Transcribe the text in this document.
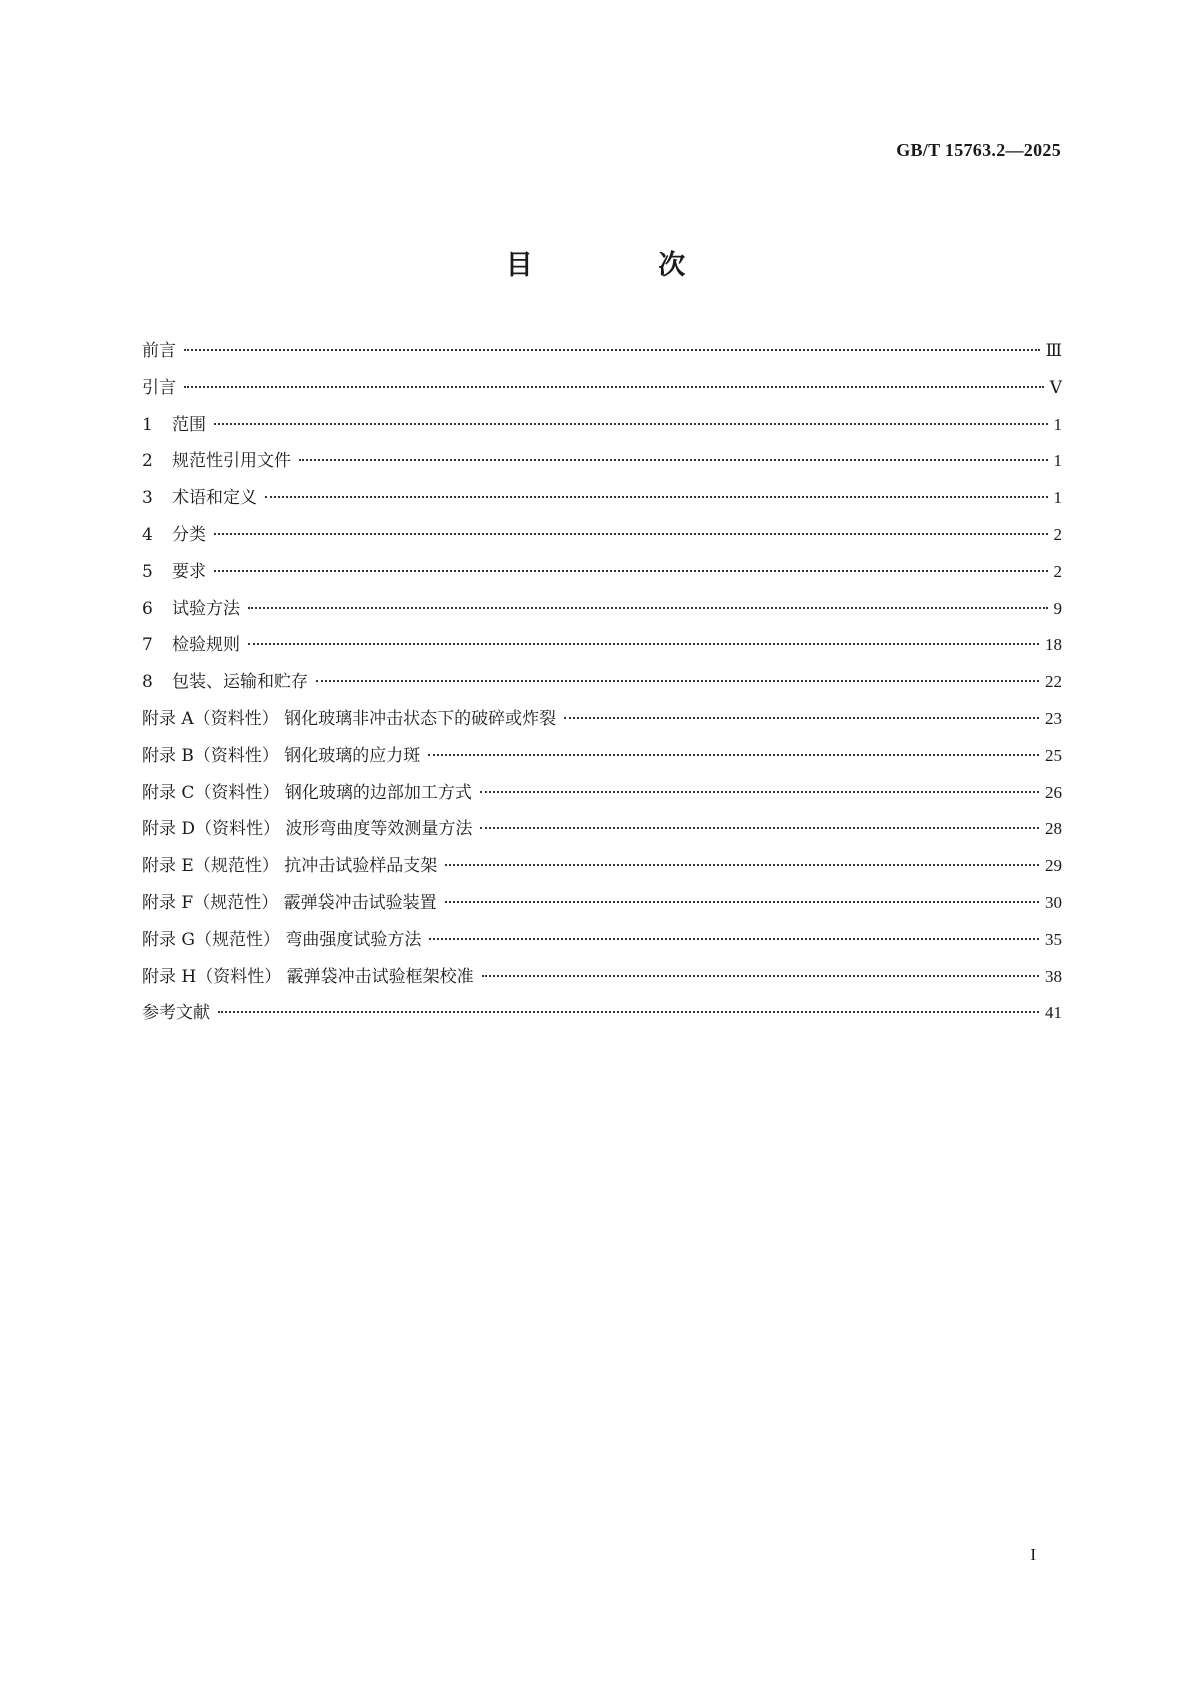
GB/T 15763.2—2025
目 次
前言	Ⅲ
引言	Ⅴ
1	范围	1
2	规范性引用文件	1
3	术语和定义	1
4	分类	2
5	要求	2
6	试验方法	9
7	检验规则	18
8	包装、运输和贮存	22
附录 A（资料性） 钢化玻璃非冲击状态下的破碎或炸裂	23
附录 B（资料性） 钢化玻璃的应力斑	25
附录 C（资料性） 钢化玻璃的边部加工方式	26
附录 D（资料性） 波形弯曲度等效测量方法	28
附录 E（规范性） 抗冲击试验样品支架	29
附录 F（规范性） 霰弹袋冲击试验装置	30
附录 G（规范性） 弯曲强度试验方法	35
附录 H（资料性） 霰弹袋冲击试验框架校准	38
参考文献	41
I
